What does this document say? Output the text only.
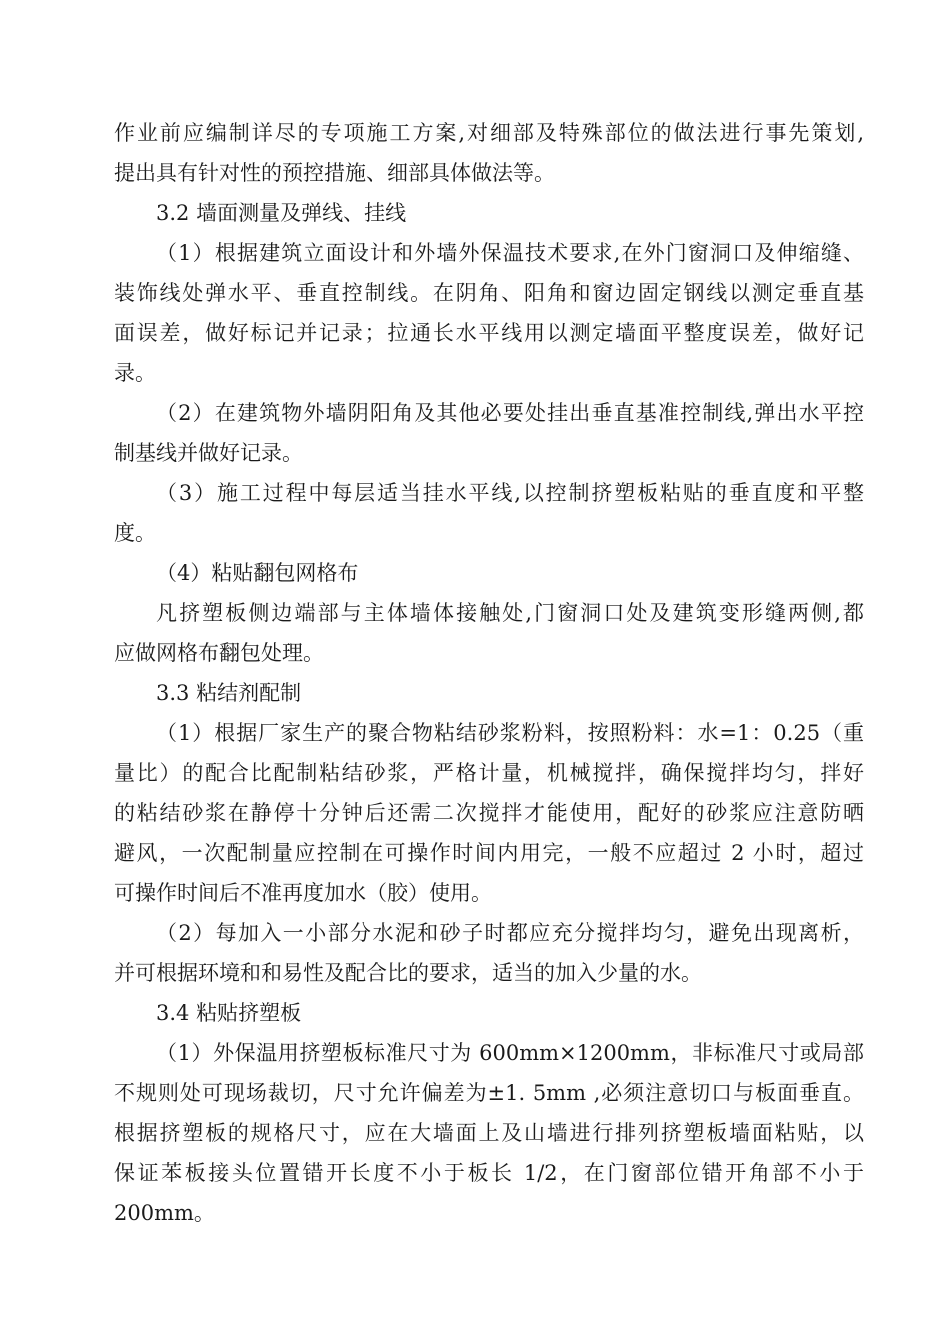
作业前应编制详尽的专项施工方案,对细部及特殊部位的做法进行事先策划,
提出具有针对性的预控措施、细部具体做法等。
3.2 墙面测量及弹线、挂线
（1）根据建筑立面设计和外墙外保温技术要求,在外门窗洞口及伸缩缝、
装饰线处弹水平、垂直控制线。在阴角、阳角和窗边固定钢线以测定垂直基
面误差，做好标记并记录；拉通长水平线用以测定墙面平整度误差，做好记
录。
（2）在建筑物外墙阴阳角及其他必要处挂出垂直基准控制线,弹出水平控
制基线并做好记录。
（3）施工过程中每层适当挂水平线,以控制挤塑板粘贴的垂直度和平整
度。
（4）粘贴翻包网格布
凡挤塑板侧边端部与主体墙体接触处,门窗洞口处及建筑变形缝两侧,都
应做网格布翻包处理。
3.3 粘结剂配制
（1）根据厂家生产的聚合物粘结砂浆粉料，按照粉料：水=1：0.25（重
量比）的配合比配制粘结砂浆，严格计量，机械搅拌，确保搅拌均匀，拌好
的粘结砂浆在静停十分钟后还需二次搅拌才能使用，配好的砂浆应注意防晒
避风，一次配制量应控制在可操作时间内用完，一般不应超过 2 小时，超过
可操作时间后不准再度加水（胶）使用。
（2）每加入一小部分水泥和砂子时都应充分搅拌均匀，避免出现离析，
并可根据环境和和易性及配合比的要求，适当的加入少量的水。
3.4 粘贴挤塑板
（1）外保温用挤塑板标准尺寸为 600mm×1200mm，非标准尺寸或局部
不规则处可现场裁切，尺寸允许偏差为±1. 5mm ,必须注意切口与板面垂直。
根据挤塑板的规格尺寸，应在大墙面上及山墙进行排列挤塑板墙面粘贴，以
保证苯板接头位置错开长度不小于板长 1/2，在门窗部位错开角部不小于
200mm。
